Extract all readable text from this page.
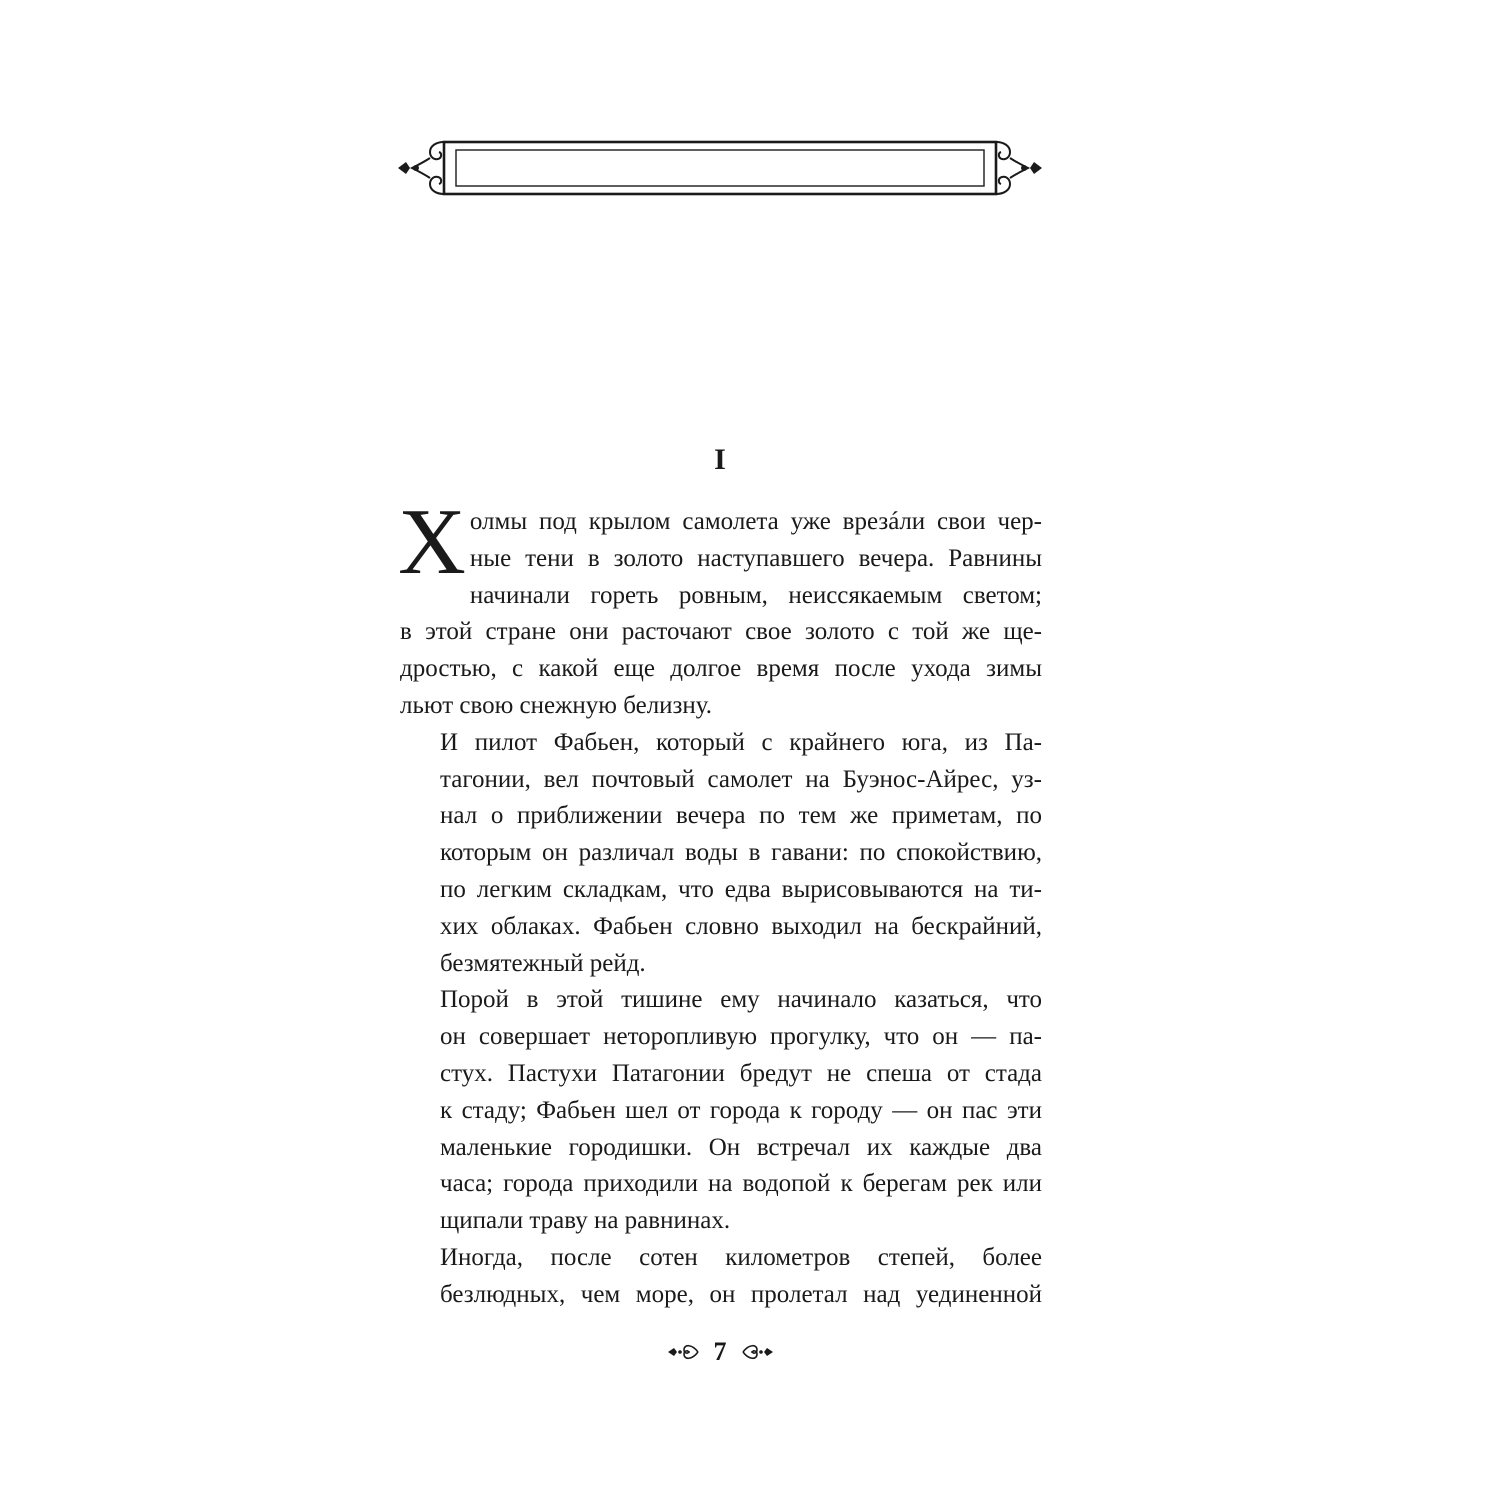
I
Х олмы под крылом самолета уже врезáли свои чер-
ные тени в золото наступавшего вечера. Равнины
начинали гореть ровным, неиссякаемым светом;
в этой стране они расточают свое золото с той же ще-
дростью, с какой еще долгое время после ухода зимы
льют свою снежную белизну.
И пилот Фабьен, который с крайнего юга, из Па-
тагонии, вел почтовый самолет на Буэнос-Айрес, уз-
нал о приближении вечера по тем же приметам, по
которым он различал воды в гавани: по спокойствию,
по легким складкам, что едва вырисовываются на ти-
хих облаках. Фабьен словно выходил на бескрайний,
безмятежный рейд.
Порой в этой тишине ему начинало казаться, что
он совершает неторопливую прогулку, что он — па-
стух. Пастухи Патагонии бредут не спеша от стада
к стаду; Фабьен шел от города к городу — он пас эти
маленькие городишки. Он встречал их каждые два
часа; города приходили на водопой к берегам рек или
щипали траву на равнинах.
Иногда, после сотен километров степей, более
безлюдных, чем море, он пролетал над уединенной
7
